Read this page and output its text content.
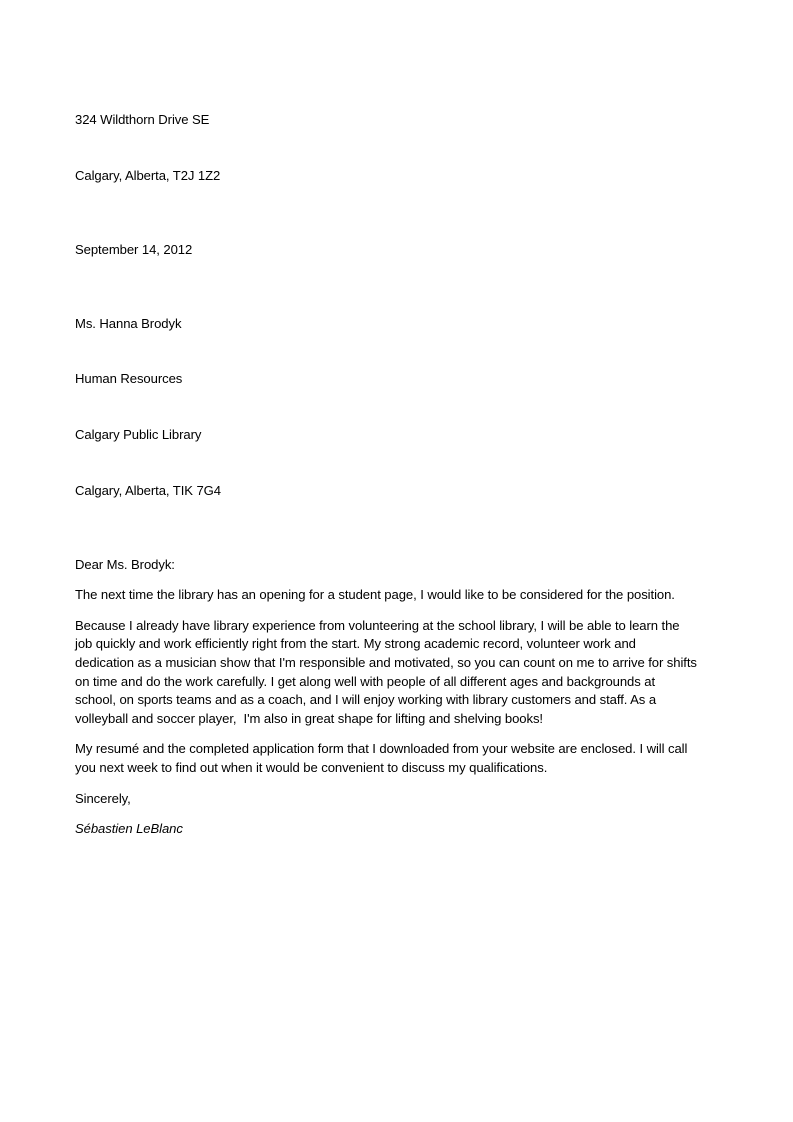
324 Wildthorn Drive SE

Calgary, Alberta, T2J 1Z2

September 14, 2012

Ms. Hanna Brodyk

Human Resources

Calgary Public Library

Calgary, Alberta, TIK 7G4

Dear Ms. Brodyk:
The next time the library has an opening for a student page, I would like to be considered for the position.
Because I already have library experience from volunteering at the school library, I will be able to learn the job quickly and work efficiently right from the start. My strong academic record, volunteer work and dedication as a musician show that I'm responsible and motivated, so you can count on me to arrive for shifts on time and do the work carefully. I get along well with people of all different ages and backgrounds at school, on sports teams and as a coach, and I will enjoy working with library customers and staff. As a volleyball and soccer player,  I'm also in great shape for lifting and shelving books!
My resumé and the completed application form that I downloaded from your website are enclosed. I will call you next week to find out when it would be convenient to discuss my qualifications.
Sincerely,
Sébastien LeBlanc
